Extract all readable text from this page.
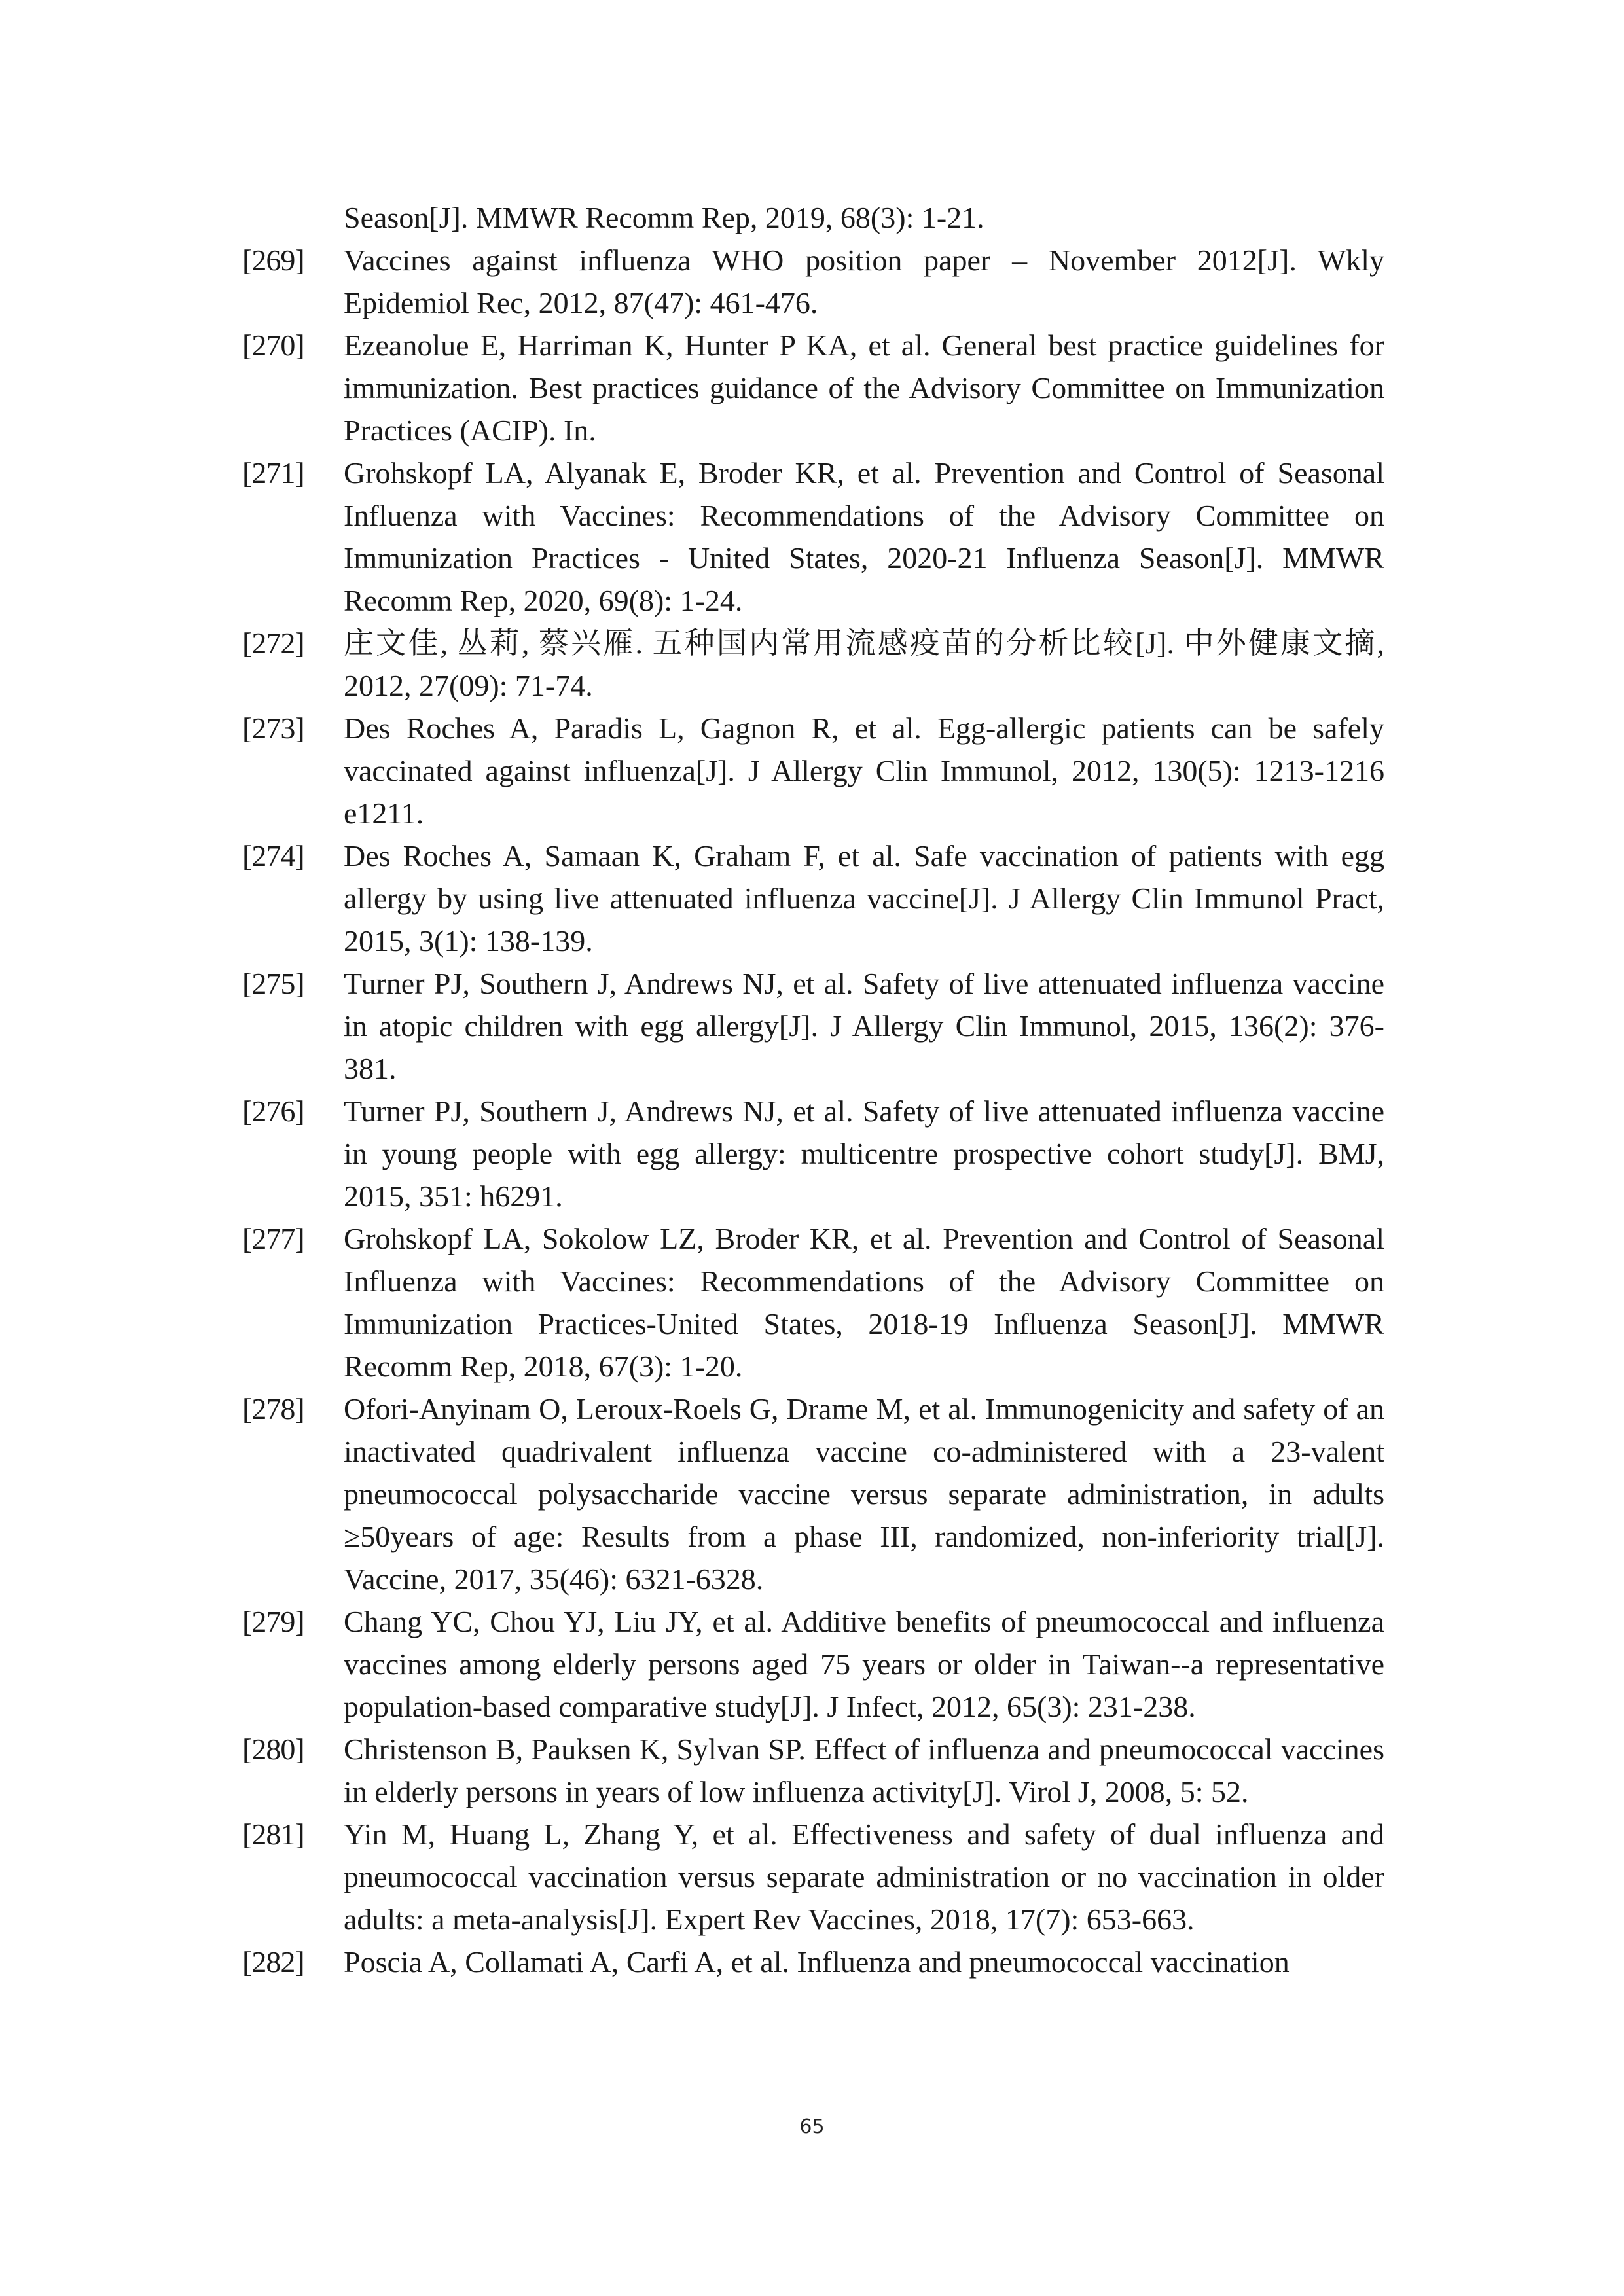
Season[J]. MMWR Recomm Rep, 2019, 68(3): 1-21.
[269]	Vaccines against influenza WHO position paper – November 2012[J]. Wkly Epidemiol Rec, 2012, 87(47): 461-476.
[270]	Ezeanolue E, Harriman K, Hunter P KA, et al. General best practice guidelines for immunization. Best practices guidance of the Advisory Committee on Immunization Practices (ACIP). In.
[271]	Grohskopf LA, Alyanak E, Broder KR, et al. Prevention and Control of Seasonal Influenza with Vaccines: Recommendations of the Advisory Committee on Immunization Practices - United States, 2020-21 Influenza Season[J]. MMWR Recomm Rep, 2020, 69(8): 1-24.
[272]	庄文佳, 丛莉, 蔡兴雁. 五种国内常用流感疫苗的分析比较[J]. 中外健康文摘, 2012, 27(09): 71-74.
[273]	Des Roches A, Paradis L, Gagnon R, et al. Egg-allergic patients can be safely vaccinated against influenza[J]. J Allergy Clin Immunol, 2012, 130(5): 1213-1216 e1211.
[274]	Des Roches A, Samaan K, Graham F, et al. Safe vaccination of patients with egg allergy by using live attenuated influenza vaccine[J]. J Allergy Clin Immunol Pract, 2015, 3(1): 138-139.
[275]	Turner PJ, Southern J, Andrews NJ, et al. Safety of live attenuated influenza vaccine in atopic children with egg allergy[J]. J Allergy Clin Immunol, 2015, 136(2): 376-381.
[276]	Turner PJ, Southern J, Andrews NJ, et al. Safety of live attenuated influenza vaccine in young people with egg allergy: multicentre prospective cohort study[J]. BMJ, 2015, 351: h6291.
[277]	Grohskopf LA, Sokolow LZ, Broder KR, et al. Prevention and Control of Seasonal Influenza with Vaccines: Recommendations of the Advisory Committee on Immunization Practices-United States, 2018-19 Influenza Season[J]. MMWR Recomm Rep, 2018, 67(3): 1-20.
[278]	Ofori-Anyinam O, Leroux-Roels G, Drame M, et al. Immunogenicity and safety of an inactivated quadrivalent influenza vaccine co-administered with a 23-valent pneumococcal polysaccharide vaccine versus separate administration, in adults ≥50years of age: Results from a phase III, randomized, non-inferiority trial[J]. Vaccine, 2017, 35(46): 6321-6328.
[279]	Chang YC, Chou YJ, Liu JY, et al. Additive benefits of pneumococcal and influenza vaccines among elderly persons aged 75 years or older in Taiwan--a representative population-based comparative study[J]. J Infect, 2012, 65(3): 231-238.
[280]	Christenson B, Pauksen K, Sylvan SP. Effect of influenza and pneumococcal vaccines in elderly persons in years of low influenza activity[J]. Virol J, 2008, 5: 52.
[281]	Yin M, Huang L, Zhang Y, et al. Effectiveness and safety of dual influenza and pneumococcal vaccination versus separate administration or no vaccination in older adults: a meta-analysis[J]. Expert Rev Vaccines, 2018, 17(7): 653-663.
[282]	Poscia A, Collamati A, Carfi A, et al. Influenza and pneumococcal vaccination
65
